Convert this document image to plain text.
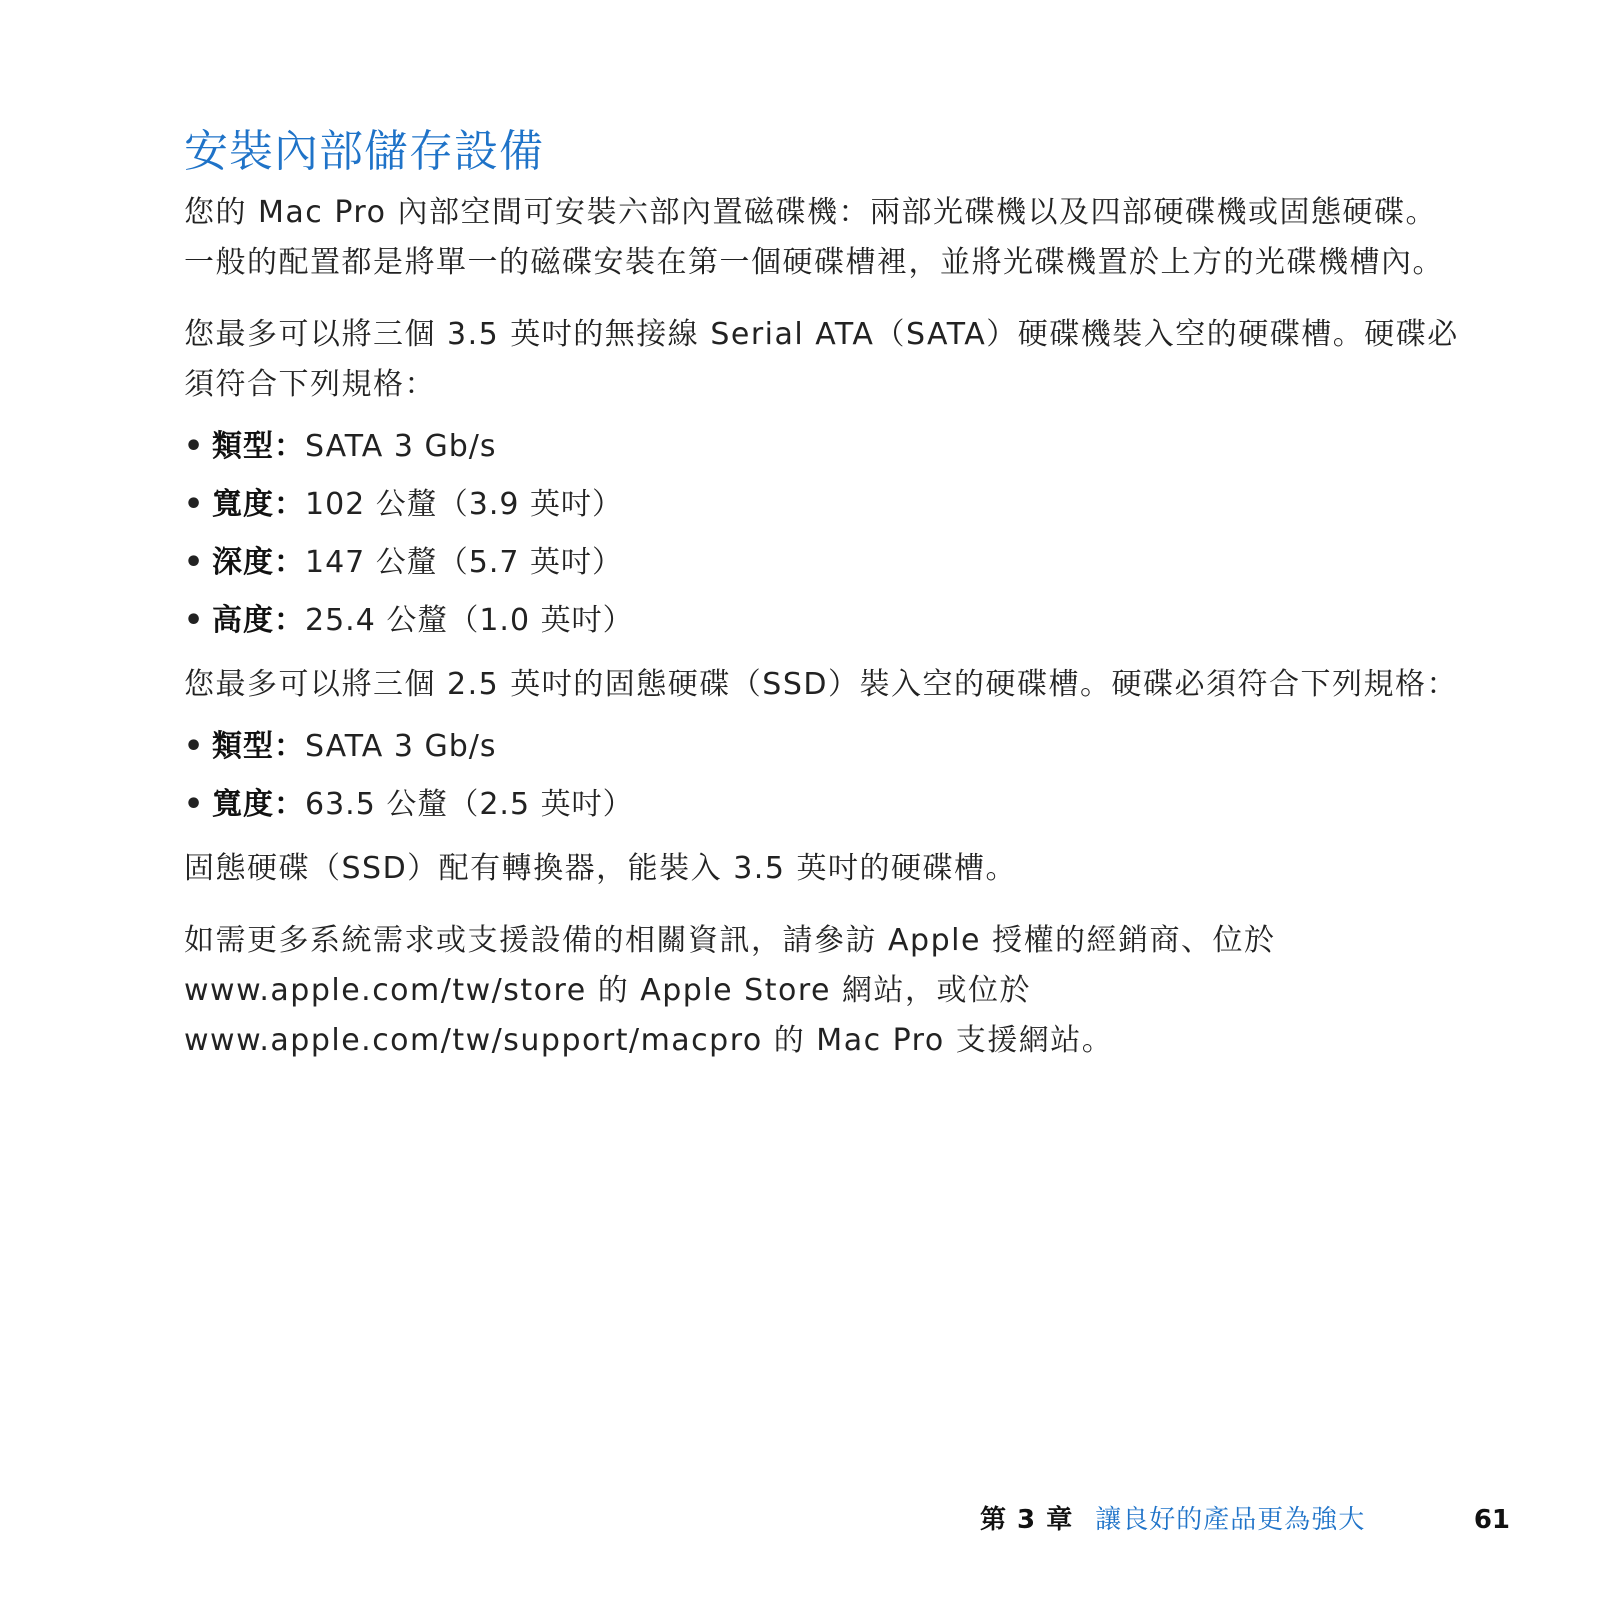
安裝內部儲存設備

您的 Mac Pro 內部空間可安裝六部內置磁碟機：兩部光碟機以及四部硬碟機或固態硬碟。一般的配置都是將單一的磁碟安裝在第一個硬碟槽裡，並將光碟機置於上方的光碟機槽內。

您最多可以將三個 3.5 英吋的無接線 Serial ATA（SATA）硬碟機裝入空的硬碟槽。硬碟必須符合下列規格：

• 類型：SATA 3 Gb/s
• 寬度：102 公釐（3.9 英吋）
• 深度：147 公釐（5.7 英吋）
• 高度：25.4 公釐（1.0 英吋）

您最多可以將三個 2.5 英吋的固態硬碟（SSD）裝入空的硬碟槽。硬碟必須符合下列規格：

• 類型：SATA 3 Gb/s
• 寬度：63.5 公釐（2.5 英吋）

固態硬碟（SSD）配有轉換器，能裝入 3.5 英吋的硬碟槽。

如需更多系統需求或支援設備的相關資訊，請參訪 Apple 授權的經銷商、位於 www.apple.com/tw/store 的 Apple Store 網站，或位於 www.apple.com/tw/support/macpro 的 Mac Pro 支援網站。

第 3 章 讓良好的產品更為強大	61
